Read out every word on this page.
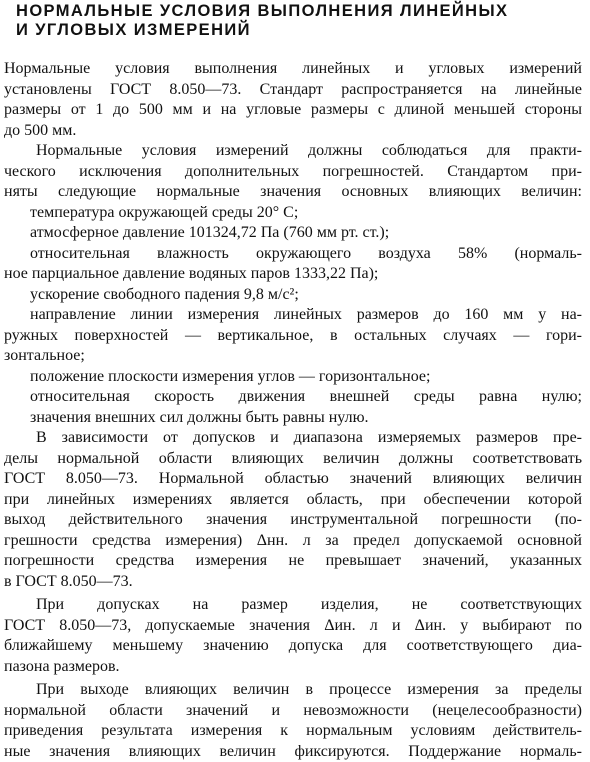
НОРМАЛЬНЫЕ УСЛОВИЯ ВЫПОЛНЕНИЯ ЛИНЕЙНЫХ
И УГЛОВЫХ ИЗМЕРЕНИЙ
Нормальные условия выполнения линейных и угловых измерений
установлены ГОСТ 8.050—73. Стандарт распространяется на линейные
размеры от 1 до 500 мм и на угловые размеры с длиной меньшей стороны
до 500 мм.
Нормальные условия измерений должны соблюдаться для практи-
ческого исключения дополнительных погрешностей. Стандартом при-
няты следующие нормальные значения основных влияющих величин:
температура окружающей среды 20° С;
атмосферное давление 101324,72 Па (760 мм рт. ст.);
относительная влажность окружающего воздуха 58% (нормаль-
ное парциальное давление водяных паров 1333,22 Па);
ускорение свободного падения 9,8 м/с²;
направление линии измерения линейных размеров до 160 мм у на-
ружных поверхностей — вертикальное, в остальных случаях — гори-
зонтальное;
положение плоскости измерения углов — горизонтальное;
относительная скорость движения внешней среды равна нулю;
значения внешних сил должны быть равны нулю.
В зависимости от допусков и диапазона измеряемых размеров пре-
делы нормальной области влияющих величин должны соответствовать
ГОСТ 8.050—73. Нормальной областью значений влияющих величин
при линейных измерениях является область, при обеспечении которой
выход действительного значения инструментальной погрешности (по-
грешности средства измерения) Δнн. л за предел допускаемой основной
погрешности средства измерения не превышает значений, указанных
в ГОСТ 8.050—73.
При допусках на размер изделия, не соответствующих
ГОСТ 8.050—73, допускаемые значения Δин. л и Δин. у выбирают по
ближайшему меньшему значению допуска для соответствующего диа-
пазона размеров.
При выходе влияющих величин в процессе измерения за пределы
нормальной области значений и невозможности (нецелесообразности)
приведения результата измерения к нормальным условиям действитель-
ные значения влияющих величин фиксируются. Поддержание нормаль-
